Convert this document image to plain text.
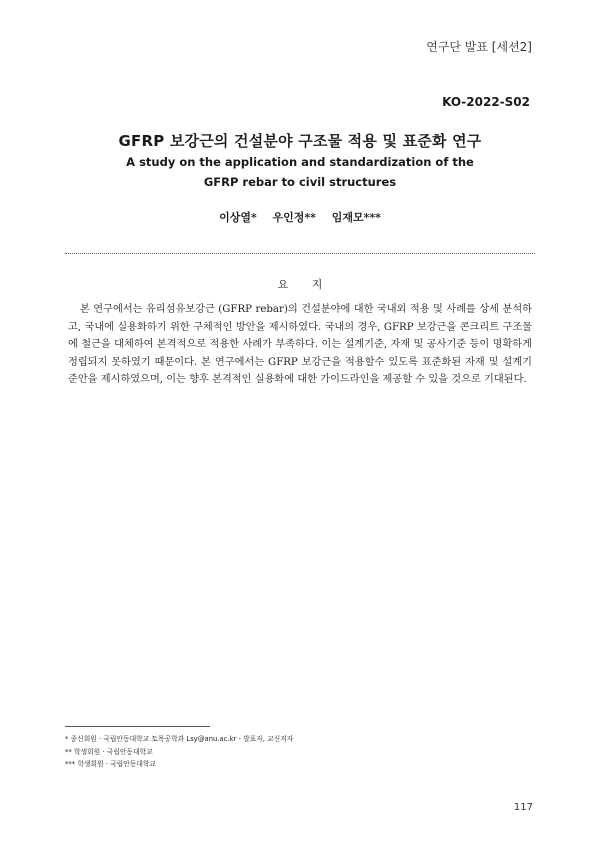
연구단 발표 [세션2]
KO-2022-S02
GFRP 보강근의 건설분야 구조물 적용 및 표준화 연구
A study on the application and standardization of the
GFRP rebar to civil structures
이상열* 우인정** 임재모***
요 지
본 연구에서는 유리섬유보강근 (GFRP rebar)의 건설분야에 대한 국내외 적용 및 사례를 상세 분석하고, 국내에 실용화하기 위한 구체적인 방안을 제시하였다. 국내의 경우, GFRP 보강근을 콘크리트 구조물에 철근을 대체하여 본격적으로 적용한 사례가 부족하다. 이는 설계기준, 자재 및 공사기준 등이 명확하게 정립되지 못하였기 때문이다. 본 연구에서는 GFRP 보강근을 적용할수 있도록 표준화된 자재 및 설계기준안을 제시하였으며, 이는 향후 본격적인 실용화에 대한 가이드라인을 제공할 수 있을 것으로 기대된다.
* 종신회원 · 국립안동대학교 토목공학과 Lsy@anu.ac.kr - 발표자, 교신저자
** 학생회원 · 국립안동대학교
*** 학생회원 · 국립안동대학교
117
